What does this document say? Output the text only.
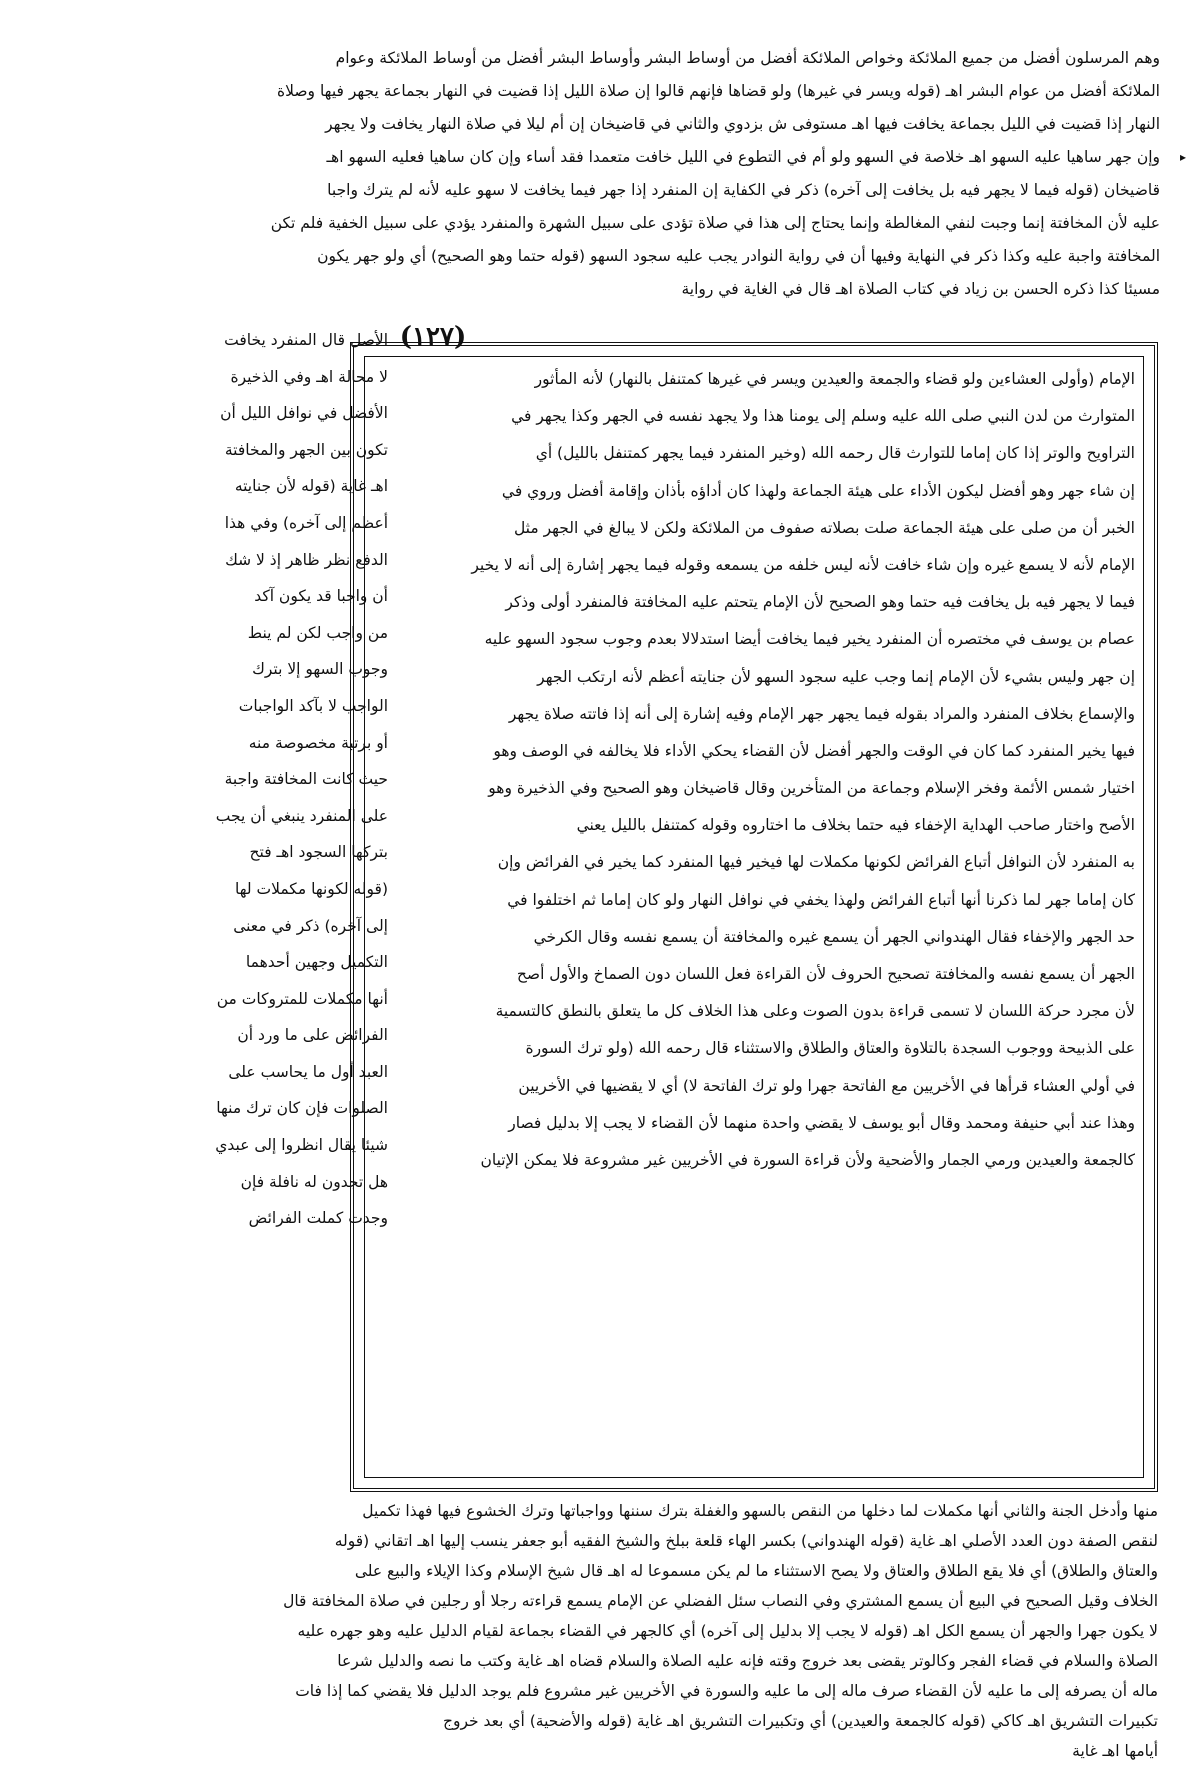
▸
وهم المرسلون أفضل من جميع الملائكة وخواص الملائكة أفضل من أوساط البشر وأوساط البشر أفضل من أوساط الملائكة وعوام
الملائكة أفضل من عوام البشر اهـ (قوله ويسر في غيرها) ولو قضاها فإنهم قالوا إن صلاة الليل إذا قضيت في النهار بجماعة يجهر فيها وصلاة
النهار إذا قضيت في الليل بجماعة يخافت فيها اهـ مستوفى ش بزدوي والثاني في قاضيخان إن أم ليلا في صلاة النهار يخافت ولا يجهر
وإن جهر ساهيا عليه السهو اهـ خلاصة في السهو ولو أم في التطوع في الليل خافت متعمدا فقد أساء وإن كان ساهيا فعليه السهو اهـ
قاضيخان (قوله فيما لا يجهر فيه بل يخافت إلى آخره) ذكر في الكفاية إن المنفرد إذا جهر فيما يخافت لا سهو عليه لأنه لم يترك واجبا
عليه لأن المخافتة إنما وجبت لنفي المغالطة وإنما يحتاج إلى هذا في صلاة تؤدى على سبيل الشهرة والمنفرد يؤدي على سبيل الخفية فلم تكن
المخافتة واجبة عليه وكذا ذكر في النهاية وفيها أن في رواية النوادر يجب عليه سجود السهو (قوله حتما وهو الصحيح) أي ولو جهر يكون
مسيئا كذا ذكره الحسن بن زياد في كتاب الصلاة اهـ قال في الغاية في رواية
(١٢٧)
الأصل قال المنفرد يخافت
لا محالة اهـ وفي الذخيرة
الأفضل في نوافل الليل أن
تكون بين الجهر والمخافتة
اهـ غاية (قوله لأن جنايته
أعظم إلى آخره) وفي هذا
الدفع نظر ظاهر إذ لا شك
أن واجبا قد يكون آكد
من واجب لكن لم ينط
وجوب السهو إلا بترك
الواجب لا بآكد الواجبات
أو برتبة مخصوصة منه
حيث كانت المخافتة واجبة
على المنفرد ينبغي أن يجب
بتركها السجود اهـ فتح
(قوله لكونها مكملات لها
إلى آخره) ذكر في معنى
التكميل وجهين أحدهما
أنها مكملات للمتروكات من
الفرائض على ما ورد أن
العبد أول ما يحاسب على
الصلوات فإن كان ترك منها
شيئا يقال انظروا إلى عبدي
هل تجدون له نافلة فإن
وجدت كملت الفرائض
الإمام (وأولى العشاءين ولو قضاء والجمعة والعيدين ويسر في غيرها كمتنفل بالنهار) لأنه المأثور
المتوارث من لدن النبي صلى الله عليه وسلم إلى يومنا هذا ولا يجهد نفسه في الجهر وكذا يجهر في
التراويح والوتر إذا كان إماما للتوارث قال رحمه الله (وخير المنفرد فيما يجهر كمتنفل بالليل) أي
إن شاء جهر وهو أفضل ليكون الأداء على هيئة الجماعة ولهذا كان أداؤه بأذان وإقامة أفضل وروي في
الخبر أن من صلى على هيئة الجماعة صلت بصلاته صفوف من الملائكة ولكن لا يبالغ في الجهر مثل
الإمام لأنه لا يسمع غيره وإن شاء خافت لأنه ليس خلفه من يسمعه وقوله فيما يجهر إشارة إلى أنه لا يخير
فيما لا يجهر فيه بل يخافت فيه حتما وهو الصحيح لأن الإمام يتحتم عليه المخافتة فالمنفرد أولى وذكر
عصام بن يوسف في مختصره أن المنفرد يخير فيما يخافت أيضا استدلالا بعدم وجوب سجود السهو عليه
إن جهر وليس بشيء لأن الإمام إنما وجب عليه سجود السهو لأن جنايته أعظم لأنه ارتكب الجهر
والإسماع بخلاف المنفرد والمراد بقوله فيما يجهر جهر الإمام وفيه إشارة إلى أنه إذا فاتته صلاة يجهر
فيها يخير المنفرد كما كان في الوقت والجهر أفضل لأن القضاء يحكي الأداء فلا يخالفه في الوصف وهو
اختيار شمس الأئمة وفخر الإسلام وجماعة من المتأخرين وقال قاضيخان وهو الصحيح وفي الذخيرة وهو
الأصح واختار صاحب الهداية الإخفاء فيه حتما بخلاف ما اختاروه وقوله كمتنفل بالليل يعني
به المنفرد لأن النوافل أتباع الفرائض لكونها مكملات لها فيخير فيها المنفرد كما يخير في الفرائض وإن
كان إماما جهر لما ذكرنا أنها أتباع الفرائض ولهذا يخفي في نوافل النهار ولو كان إماما ثم اختلفوا في
حد الجهر والإخفاء فقال الهندواني الجهر أن يسمع غيره والمخافتة أن يسمع نفسه وقال الكرخي
الجهر أن يسمع نفسه والمخافتة تصحيح الحروف لأن القراءة فعل اللسان دون الصماخ والأول أصح
لأن مجرد حركة اللسان لا تسمى قراءة بدون الصوت وعلى هذا الخلاف كل ما يتعلق بالنطق كالتسمية
على الذبيحة ووجوب السجدة بالتلاوة والعتاق والطلاق والاستثناء قال رحمه الله (ولو ترك السورة
في أولي العشاء قرأها في الأخريين مع الفاتحة جهرا ولو ترك الفاتحة لا) أي لا يقضيها في الأخريين
وهذا عند أبي حنيفة ومحمد وقال أبو يوسف لا يقضي واحدة منهما لأن القضاء لا يجب إلا بدليل فصار
كالجمعة والعيدين ورمي الجمار والأضحية ولأن قراءة السورة في الأخريين غير مشروعة فلا يمكن الإتيان
منها وأدخل الجنة والثاني أنها مكملات لما دخلها من النقص بالسهو والغفلة بترك سننها وواجباتها وترك الخشوع فيها فهذا تكميل
لنقص الصفة دون العدد الأصلي اهـ غاية (قوله الهندواني) بكسر الهاء قلعة ببلخ والشيخ الفقيه أبو جعفر ينسب إليها اهـ اتقاني (قوله
والعتاق والطلاق) أي فلا يقع الطلاق والعتاق ولا يصح الاستثناء ما لم يكن مسموعا له اهـ قال شيخ الإسلام وكذا الإيلاء والبيع على
الخلاف وقيل الصحيح في البيع أن يسمع المشتري وفي النصاب سئل الفضلي عن الإمام يسمع قراءته رجلا أو رجلين في صلاة المخافتة قال
لا يكون جهرا والجهر أن يسمع الكل اهـ (قوله لا يجب إلا بدليل إلى آخره) أي كالجهر في القضاء بجماعة لقيام الدليل عليه وهو جهره عليه
الصلاة والسلام في قضاء الفجر وكالوتر يقضى بعد خروج وقته فإنه عليه الصلاة والسلام قضاه اهـ غاية وكتب ما نصه والدليل شرعا
ماله أن يصرفه إلى ما عليه لأن القضاء صرف ماله إلى ما عليه والسورة في الأخريين غير مشروع فلم يوجد الدليل فلا يقضي كما إذا فات
تكبيرات التشريق اهـ كاكي (قوله كالجمعة والعيدين) أي وتكبيرات التشريق اهـ غاية (قوله والأضحية) أي بعد خروج
أيامها اهـ غاية
